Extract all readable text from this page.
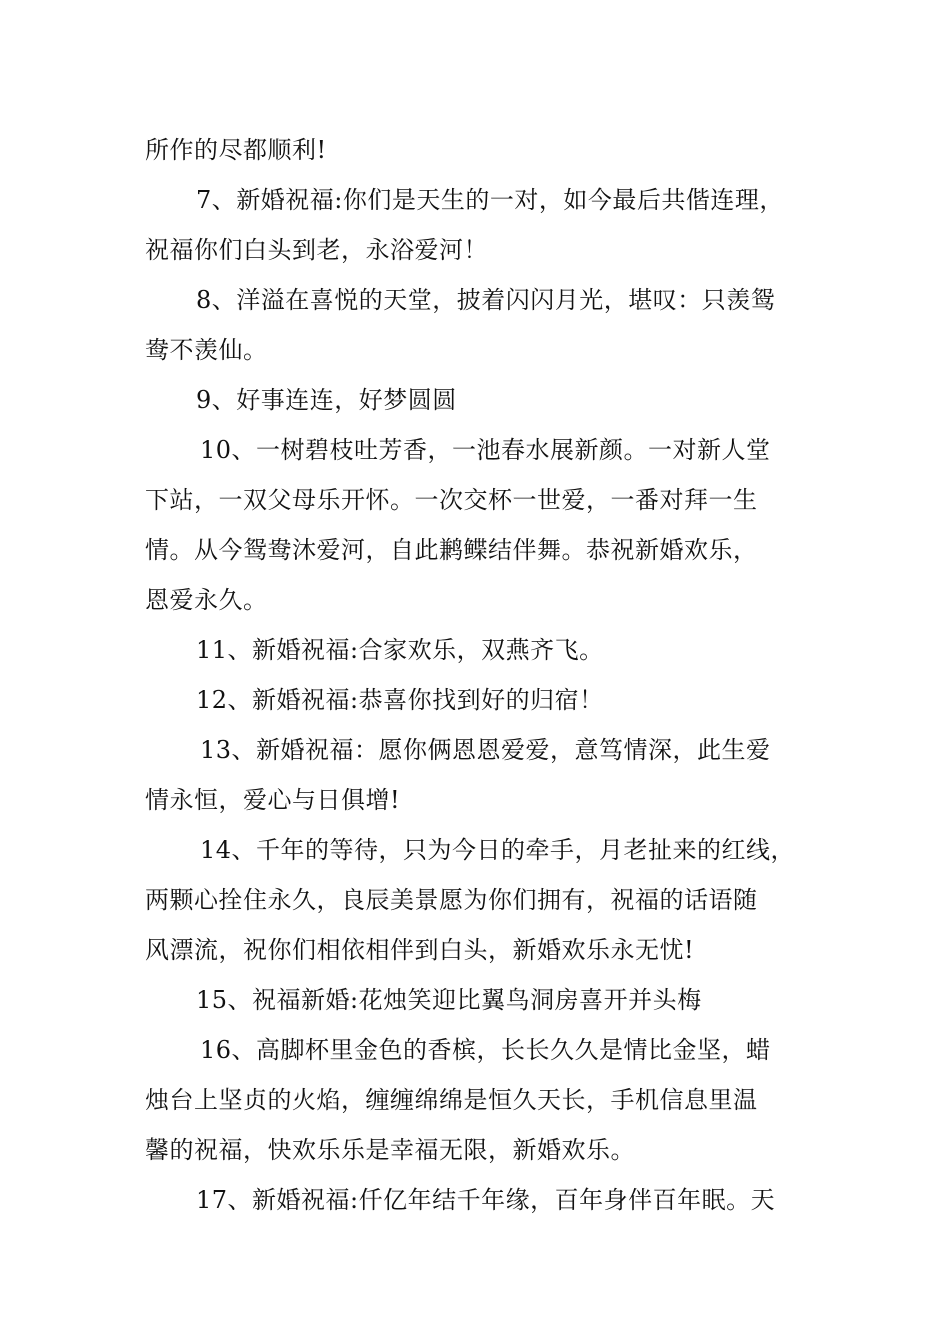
所作的尽都顺利!
7、新婚祝福:你们是天生的一对，如今最后共偕连理，
祝福你们白头到老，永浴爱河！
8、洋溢在喜悦的天堂，披着闪闪月光，堪叹：只羡鸳
鸯不羡仙。
9、好事连连，好梦圆圆
10、一树碧枝吐芳香，一池春水展新颜。一对新人堂
下站，一双父母乐开怀。一次交杯一世爱，一番对拜一生
情。从今鸳鸯沐爱河，自此鹣鲽结伴舞。恭祝新婚欢乐，
恩爱永久。
11、新婚祝福:合家欢乐，双燕齐飞。
12、新婚祝福:恭喜你找到好的归宿！
13、新婚祝福：愿你俩恩恩爱爱，意笃情深，此生爱
情永恒，爱心与日俱增!
14、千年的等待，只为今日的牵手，月老扯来的红线，
两颗心拴住永久，良辰美景愿为你们拥有，祝福的话语随
风漂流，祝你们相依相伴到白头，新婚欢乐永无忧!
15、祝福新婚:花烛笑迎比翼鸟洞房喜开并头梅
16、高脚杯里金色的香槟，长长久久是情比金坚，蜡
烛台上坚贞的火焰，缠缠绵绵是恒久天长，手机信息里温
馨的祝福，快欢乐乐是幸福无限，新婚欢乐。
17、新婚祝福:仟亿年结千年缘，百年身伴百年眠。天
